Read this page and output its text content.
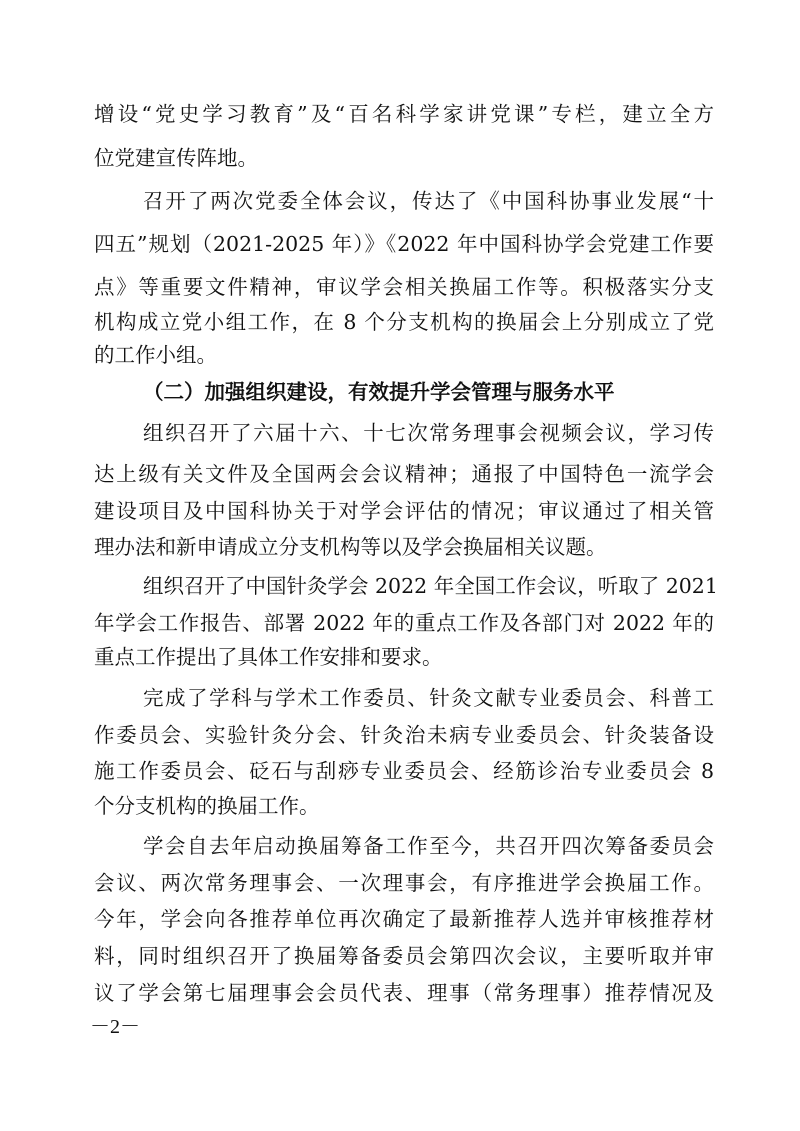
增设“党史学习教育”及“百名科学家讲党课”专栏，建立全方

位党建宣传阵地。

召开了两次党委全体会议，传达了《中国科协事业发展“十

四五”规划（2021-2025 年）》《2022 年中国科协学会党建工作要

点》等重要文件精神，审议学会相关换届工作等。积极落实分支

机构成立党小组工作，在 8 个分支机构的换届会上分别成立了党

的工作小组。

（二）加强组织建设，有效提升学会管理与服务水平

组织召开了六届十六、十七次常务理事会视频会议，学习传

达上级有关文件及全国两会会议精神；通报了中国特色一流学会

建设项目及中国科协关于对学会评估的情况；审议通过了相关管

理办法和新申请成立分支机构等以及学会换届相关议题。

组织召开了中国针灸学会 2022 年全国工作会议，听取了 2021

年学会工作报告、部署 2022 年的重点工作及各部门对 2022 年的

重点工作提出了具体工作安排和要求。

完成了学科与学术工作委员、针灸文献专业委员会、科普工

作委员会、实验针灸分会、针灸治未病专业委员会、针灸装备设

施工作委员会、砭石与刮痧专业委员会、经筋诊治专业委员会 8

个分支机构的换届工作。

学会自去年启动换届筹备工作至今，共召开四次筹备委员会

会议、两次常务理事会、一次理事会，有序推进学会换届工作。

今年，学会向各推荐单位再次确定了最新推荐人选并审核推荐材

料，同时组织召开了换届筹备委员会第四次会议，主要听取并审

议了学会第七届理事会会员代表、理事（常务理事）推荐情况及

－2－
